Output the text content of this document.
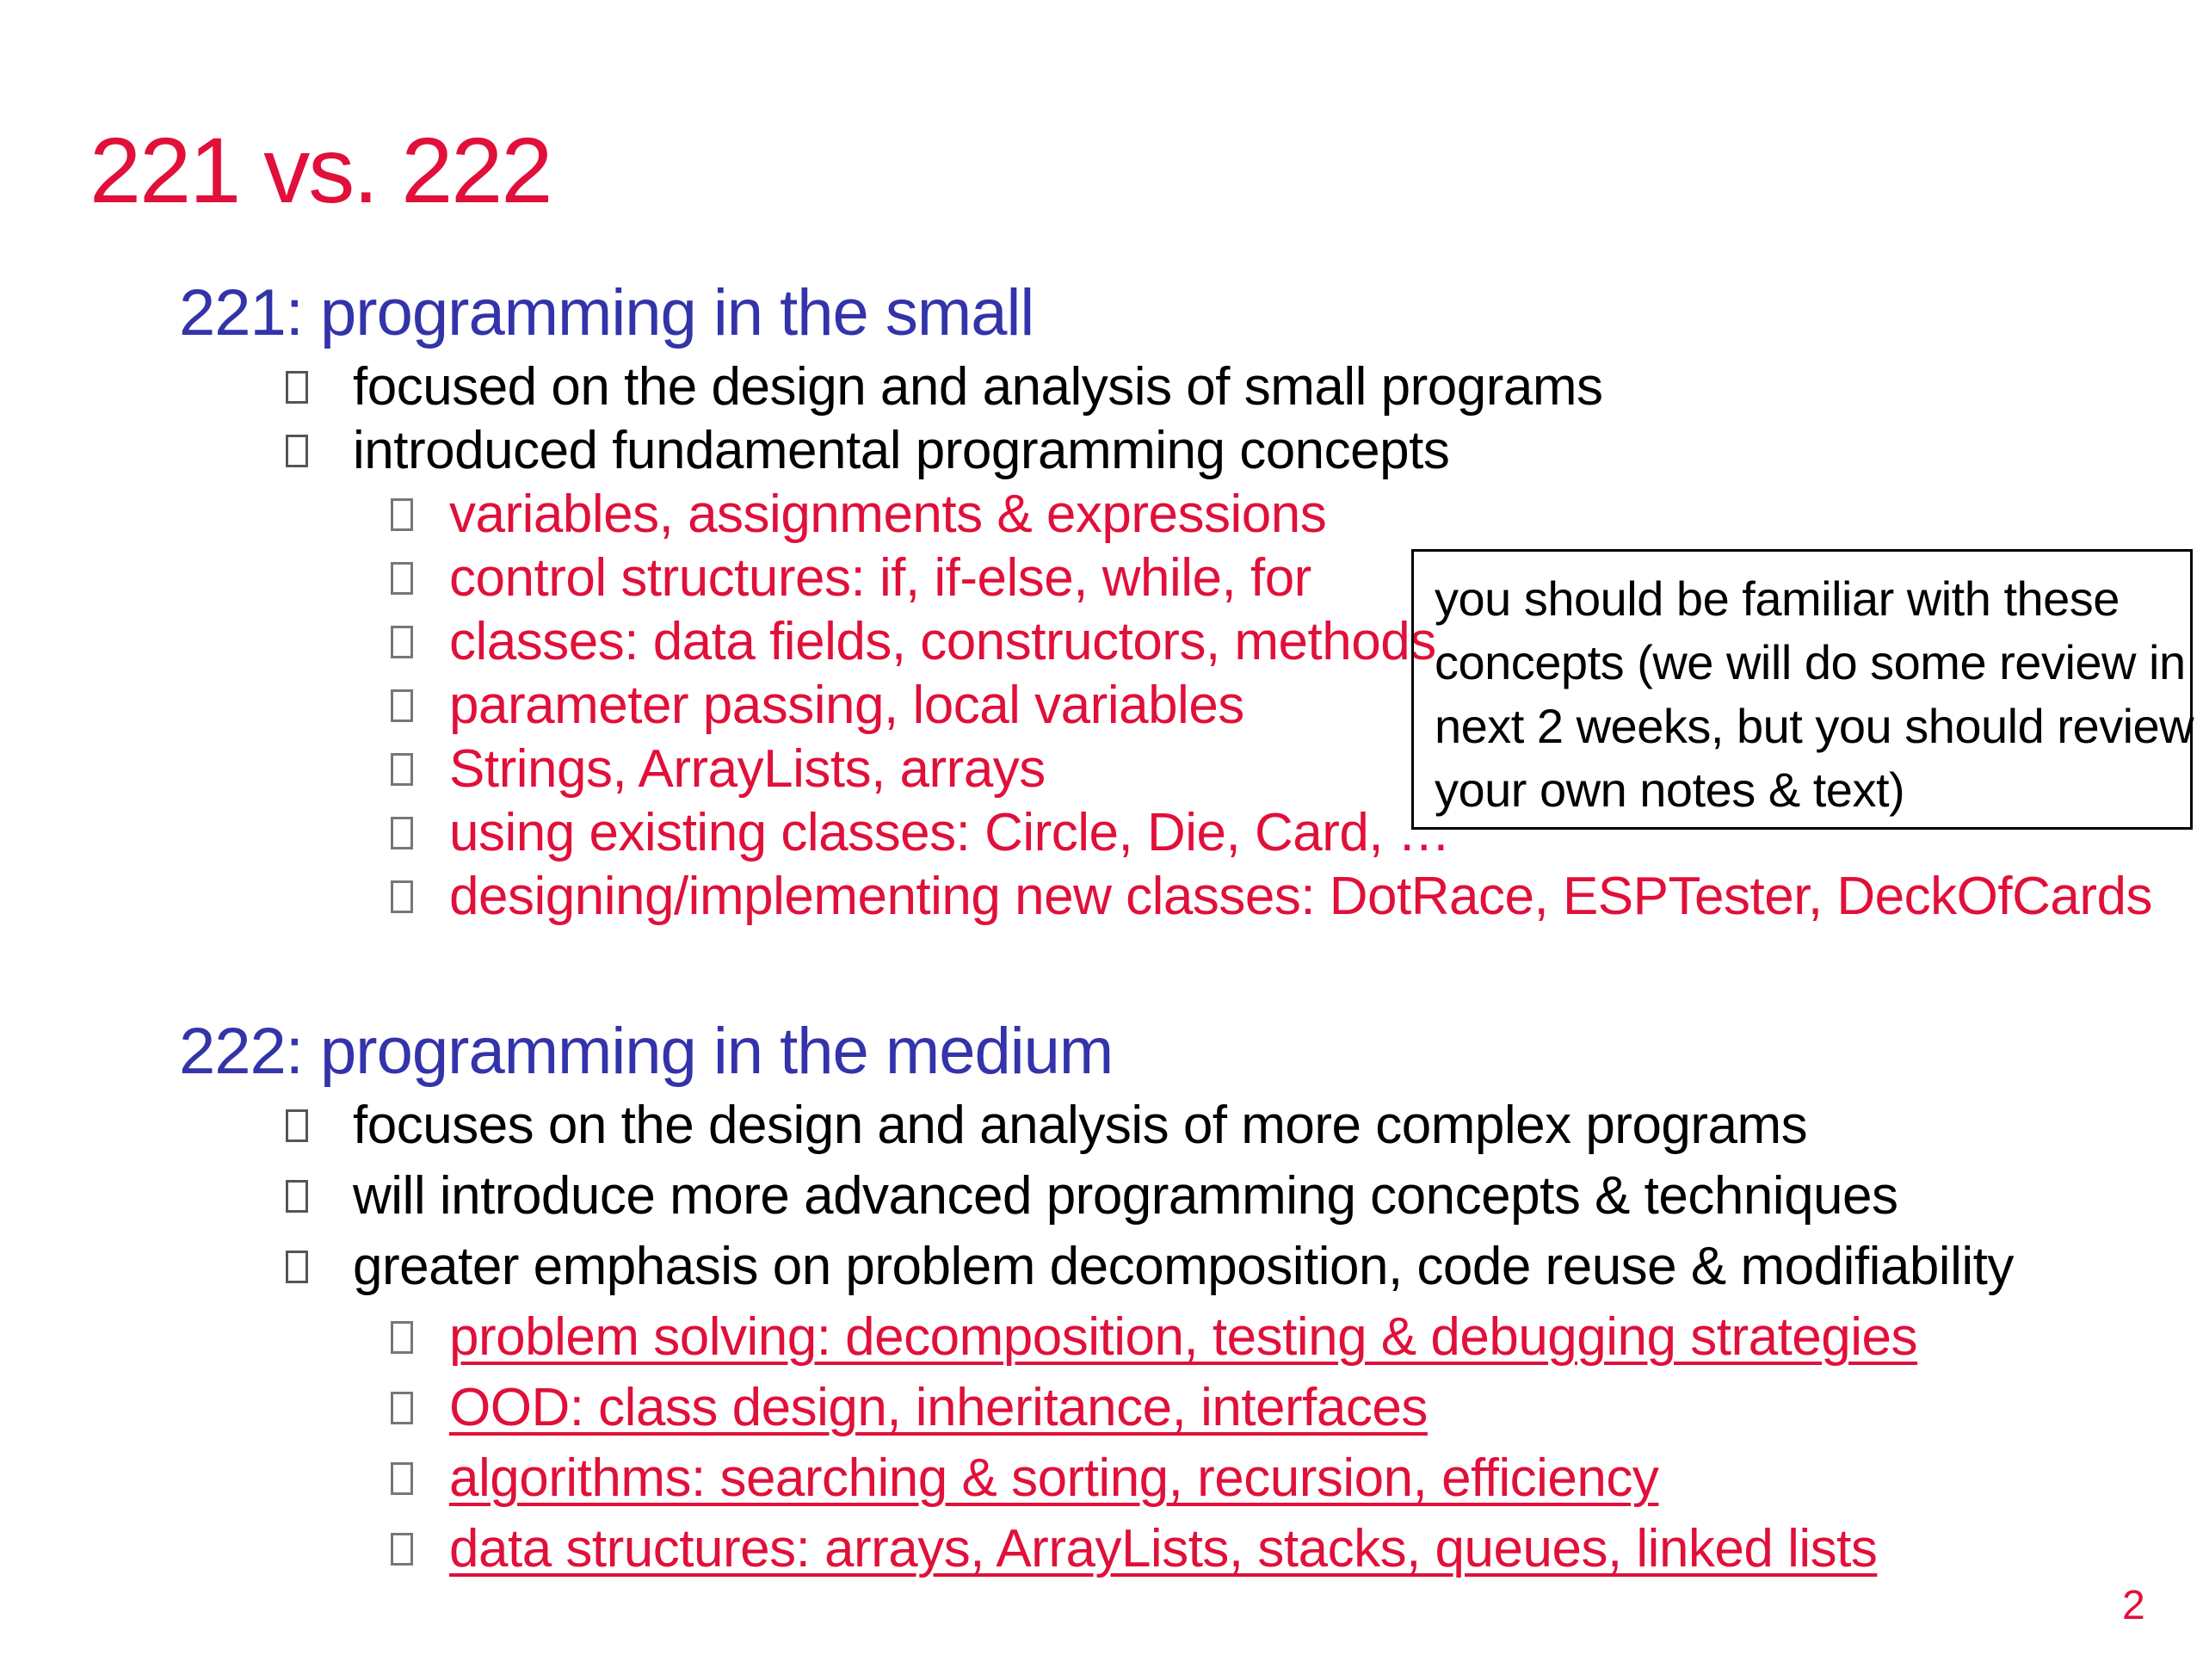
221 vs. 222
221: programming in the small
focused on the design and analysis of small programs
introduced fundamental programming concepts
variables, assignments & expressions
control structures: if, if-else, while, for
classes: data fields, constructors, methods
parameter passing, local variables
Strings, ArrayLists, arrays
using existing classes: Circle, Die, Card, …
designing/implementing new classes: DotRace, ESPTester, DeckOfCards
you should be familiar with these
concepts (we will do some review in
next 2 weeks, but you should review
your own notes & text)
222: programming in the medium
focuses on the design and analysis of more complex programs
will introduce more advanced programming concepts & techniques
greater emphasis on problem decomposition, code reuse & modifiability
problem solving: decomposition, testing & debugging strategies
OOD: class design, inheritance, interfaces
algorithms: searching & sorting, recursion, efficiency
data structures: arrays, ArrayLists, stacks, queues, linked lists
2
